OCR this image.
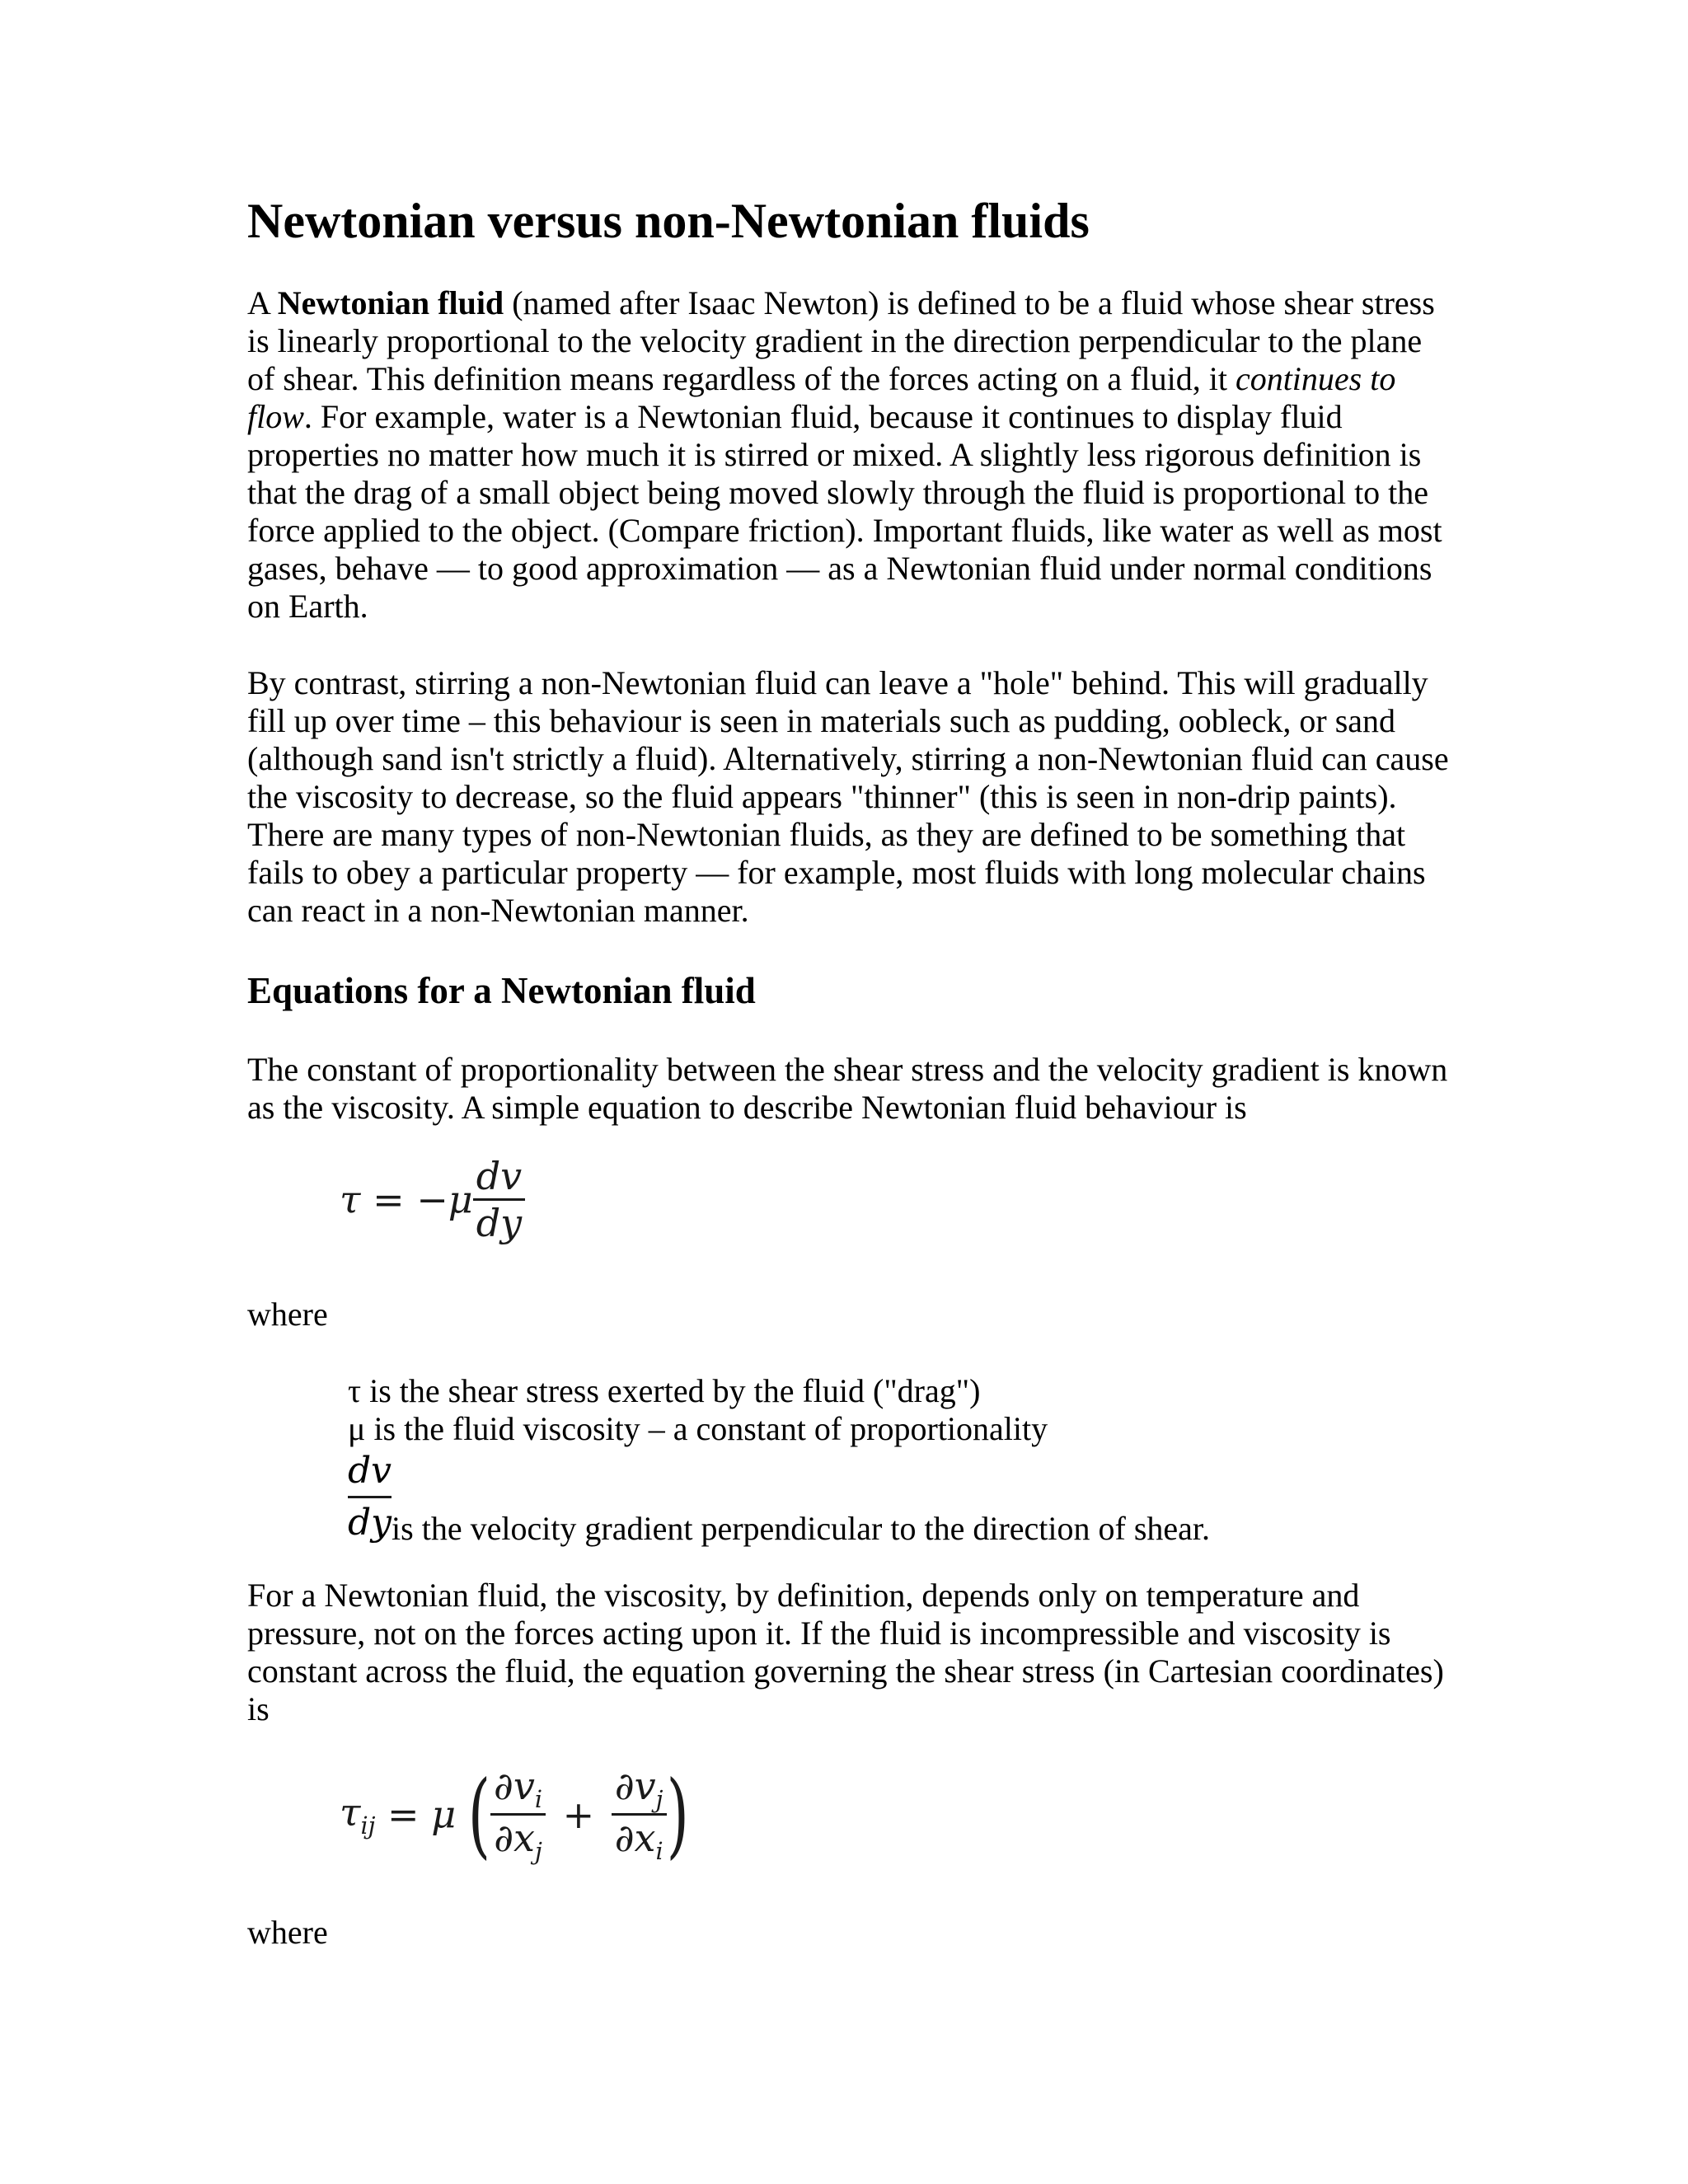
Newtonian versus non-Newtonian fluids

A Newtonian fluid (named after Isaac Newton) is defined to be a fluid whose shear stress is linearly proportional to the velocity gradient in the direction perpendicular to the plane of shear. This definition means regardless of the forces acting on a fluid, it continues to flow. For example, water is a Newtonian fluid, because it continues to display fluid properties no matter how much it is stirred or mixed. A slightly less rigorous definition is that the drag of a small object being moved slowly through the fluid is proportional to the force applied to the object. (Compare friction). Important fluids, like water as well as most gases, behave — to good approximation — as a Newtonian fluid under normal conditions on Earth.

By contrast, stirring a non-Newtonian fluid can leave a "hole" behind. This will gradually fill up over time – this behaviour is seen in materials such as pudding, oobleck, or sand (although sand isn't strictly a fluid). Alternatively, stirring a non-Newtonian fluid can cause the viscosity to decrease, so the fluid appears "thinner" (this is seen in non-drip paints). There are many types of non-Newtonian fluids, as they are defined to be something that fails to obey a particular property — for example, most fluids with long molecular chains can react in a non-Newtonian manner.

Equations for a Newtonian fluid

The constant of proportionality between the shear stress and the velocity gradient is known as the viscosity. A simple equation to describe Newtonian fluid behaviour is

$\tau = -\mu \frac{dv}{dy}$
where
τ is the shear stress exerted by the fluid ("drag")
μ is the fluid viscosity – a constant of proportionality
$\frac{dv}{dy}$ is the velocity gradient perpendicular to the direction of shear.

For a Newtonian fluid, the viscosity, by definition, depends only on temperature and pressure, not on the forces acting upon it. If the fluid is incompressible and viscosity is constant across the fluid, the equation governing the shear stress (in Cartesian coordinates) is

$\tau_{ij} = \mu$ ( $\frac{\partial v_i}{\partial x_j} + \frac{\partial v_j}{\partial x_i}$ )
where
